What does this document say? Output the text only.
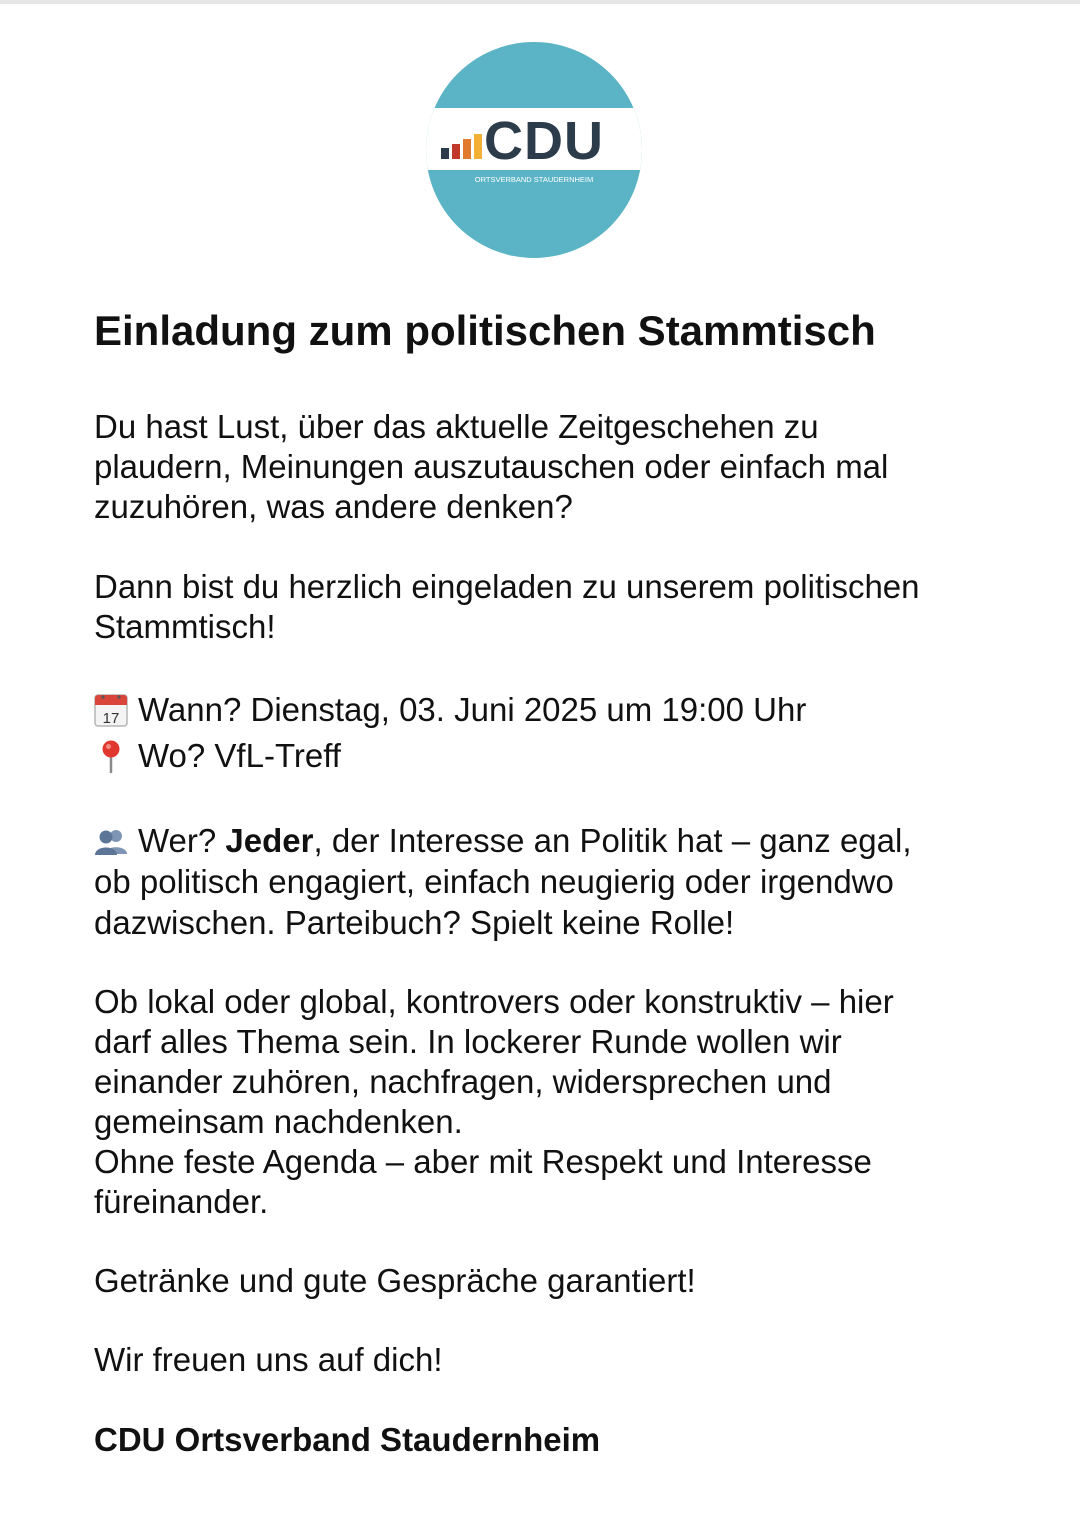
CDU
ORTSVERBAND STAUDERNHEIM
Einladung zum politischen Stammtisch
Du hast Lust, über das aktuelle Zeitgeschehen zu
plaudern, Meinungen auszutauschen oder einfach mal
zuzuhören, was andere denken?
Dann bist du herzlich eingeladen zu unserem politischen
Stammtisch!
17 Wann? Dienstag, 03. Juni 2025 um 19:00 Uhr
Wo? VfL-Treff
Wer? Jeder, der Interesse an Politik hat – ganz egal,
ob politisch engagiert, einfach neugierig oder irgendwo
dazwischen. Parteibuch? Spielt keine Rolle!
Ob lokal oder global, kontrovers oder konstruktiv – hier
darf alles Thema sein. In lockerer Runde wollen wir
einander zuhören, nachfragen, widersprechen und
gemeinsam nachdenken.
Ohne feste Agenda – aber mit Respekt und Interesse
füreinander.
Getränke und gute Gespräche garantiert!
Wir freuen uns auf dich!
CDU Ortsverband Staudernheim
